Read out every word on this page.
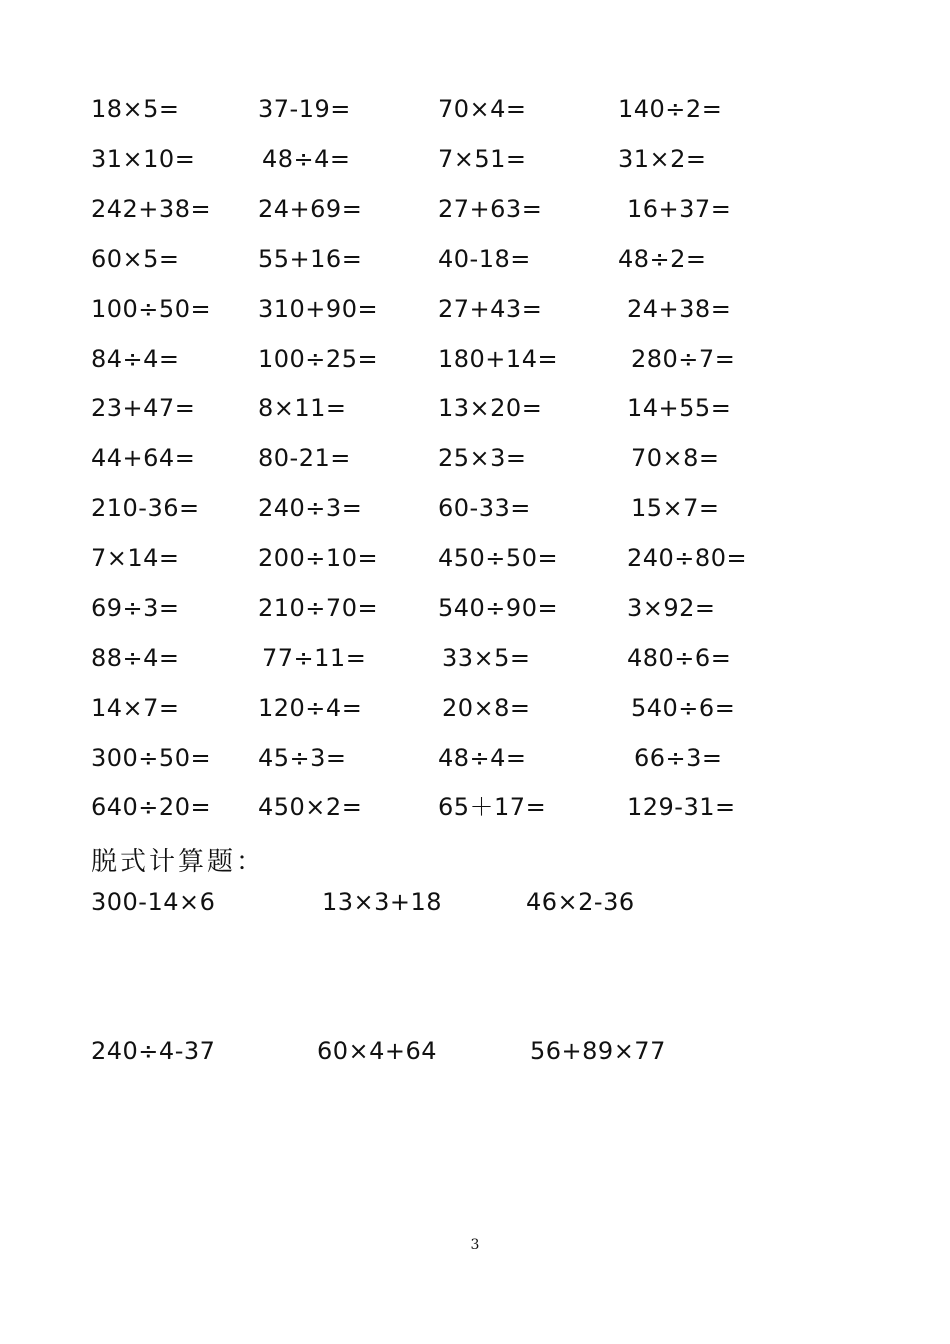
18×5=	37-19=	70×4=	140÷2=
31×10=	48÷4=	7×51=	31×2=
242+38= 24+69=	27+63=	16+37=
60×5=	55+16=	40-18=	48÷2=
100÷50= 310+90= 27+43=	24+38=
84÷4=	100÷25= 180+14=	280÷7=
23+47=	8×11=	13×20=	14+55=
44+64=	80-21=	25×3=	70×8=
210-36= 240÷3=	60-33=	15×7=
7×14=	200÷10= 450÷50=	240÷80=
69÷3=	210÷70= 540÷90=	3×92=
88÷4=	77÷11=	33×5=	480÷6=
14×7=	120÷4=	20×8=	540÷6=
300÷50= 45÷3=	48÷4=	66÷3=
640÷20= 450×2=	65＋17=	129-31=
脱式计算题：
300-14×6	13×3+18	46×2-36
240÷4-37	60×4+64	56+89×77
3
